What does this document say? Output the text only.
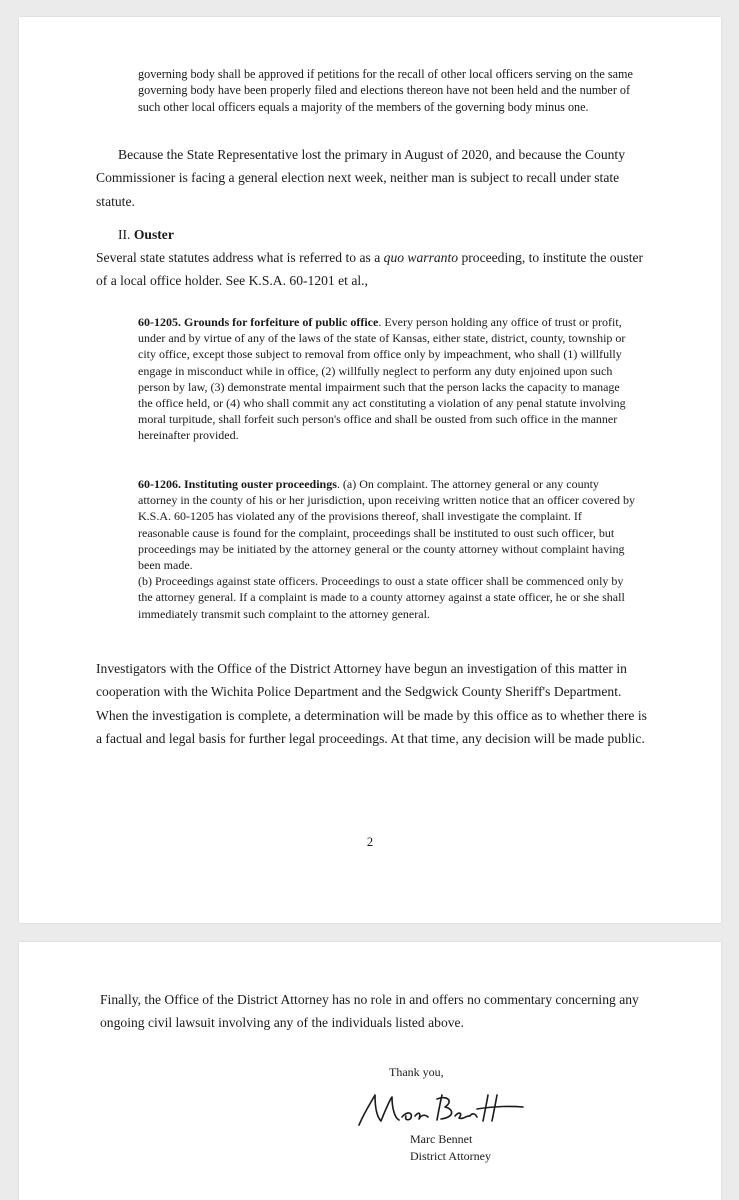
governing body shall be approved if petitions for the recall of other local officers serving on the same governing body have been properly filed and elections thereon have not been held and the number of such other local officers equals a majority of the members of the governing body minus one.

Because the State Representative lost the primary in August of 2020, and because the County Commissioner is facing a general election next week, neither man is subject to recall under state statute.

II. Ouster

Several state statutes address what is referred to as a quo warranto proceeding, to institute the ouster of a local office holder. See K.S.A. 60-1201 et al.,

60-1205. Grounds for forfeiture of public office. Every person holding any office of trust or profit, under and by virtue of any of the laws of the state of Kansas, either state, district, county, township or city office, except those subject to removal from office only by impeachment, who shall (1) willfully engage in misconduct while in office, (2) willfully neglect to perform any duty enjoined upon such person by law, (3) demonstrate mental impairment such that the person lacks the capacity to manage the office held, or (4) who shall commit any act constituting a violation of any penal statute involving moral turpitude, shall forfeit such person's office and shall be ousted from such office in the manner hereinafter provided.

60-1206. Instituting ouster proceedings. (a) On complaint. The attorney general or any county attorney in the county of his or her jurisdiction, upon receiving written notice that an officer covered by K.S.A. 60-1205 has violated any of the provisions thereof, shall investigate the complaint. If reasonable cause is found for the complaint, proceedings shall be instituted to oust such officer, but proceedings may be initiated by the attorney general or the county attorney without complaint having been made.
(b) Proceedings against state officers. Proceedings to oust a state officer shall be commenced only by the attorney general. If a complaint is made to a county attorney against a state officer, he or she shall immediately transmit such complaint to the attorney general.

Investigators with the Office of the District Attorney have begun an investigation of this matter in cooperation with the Wichita Police Department and the Sedgwick County Sheriff's Department. When the investigation is complete, a determination will be made by this office as to whether there is a factual and legal basis for further legal proceedings. At that time, any decision will be made public.

2

Finally, the Office of the District Attorney has no role in and offers no commentary concerning any ongoing civil lawsuit involving any of the individuals listed above.

Thank you,

Marc Bennet

District Attorney
